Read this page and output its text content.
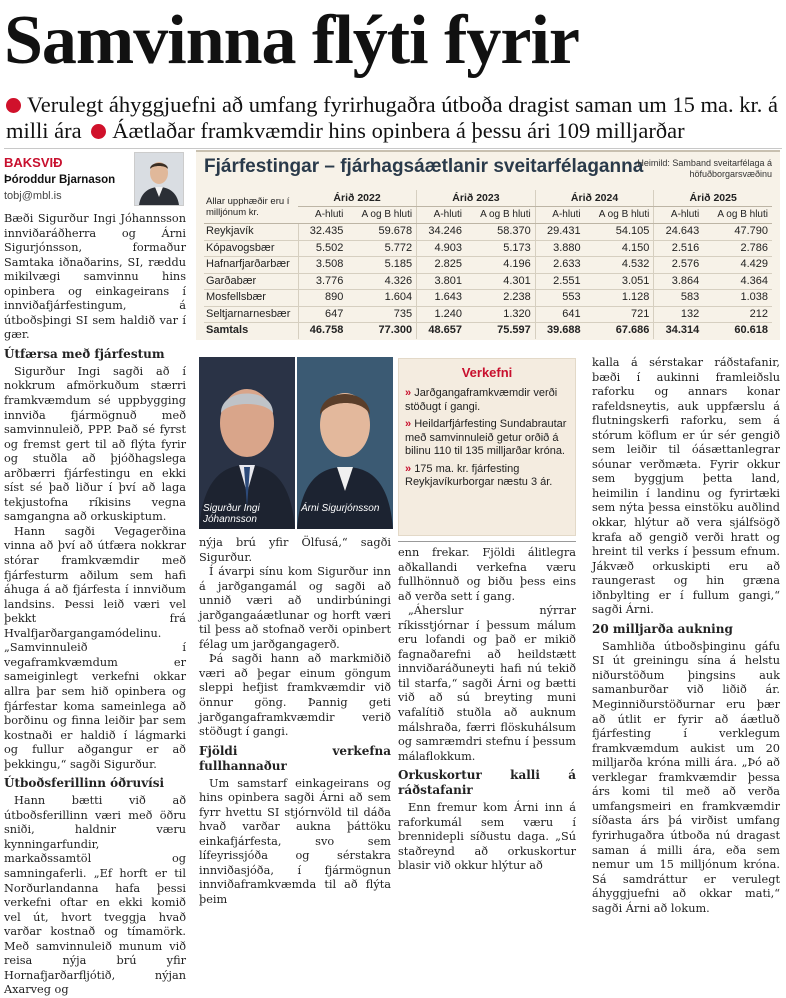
Samvinna flýti fyrir
Verulegt áhyggjuefni að umfang fyrirhugaðra útboða dragist saman um 15 ma. kr. á milli ára Áætlaðar framkvæmdir hins opinbera á þessu ári 109 milljarðar
BAKSVIÐ
Þóroddur Bjarnason
tobj@mbl.is

Bæði Sigurður Ingi Jóhannsson innviðaráðherra og Árni Sigurjónsson, formaður Samtaka iðnaðarins, SI, ræddu mikilvægi samvinnu hins opinbera og einkageirans í innviðafjárfestingum, á útboðsþingi SI sem haldið var í gær.

Útfærsa með fjárfestum

Sigurður Ingi sagði að í nokkrum afmörkuðum stærri framkvæmdum sé uppbygging innviða fjármögnuð með samvinnuleið, PPP. Það sé fyrst og fremst gert til að flýta fyrir og stuðla að þjóðhagslega arðbærri fjárfestingu en ekki síst sé það liður í því að laga tekjustofna ríkisins vegna samgangna að orkuskiptum.

Hann sagði Vegagerðina vinna að því að útfæra nokkrar stórar framkvæmdir með fjárfesturm aðilum sem hafi áhuga á að fjárfesta í innviðum landsins. Þessi leið væri vel þekkt frá Hvalfjarðargangamódelinu. „Samvinnuleið í vegaframkvæmdum er sameiginlegt verkefni okkar allra þar sem hið opinbera og fjárfestar koma sameinlega að borðinu og finna leiðir þar sem kostnaði er haldið í lágmarki og fullur aðgangur er að þekkingu,“ sagði Sigurður.

Útboðsferillinn óðruvísi

Hann bætti við að útboðsferillinn væri með öðru sniði, haldnir væru kynningarfundir, markaðssamtöl og samningaferli. „Ef horft er til Norðurlandanna hafa þessi verkefni oftar en ekki komið vel út, hvort tveggja hvað varðar kostnað og tímamörk. Með samvinnuleið munum við reisa nýja brú yfir Hornafjarðarfljótið, nýjan Axarveg og

Fjárfestingar – fjárhagsáætlanir sveitarfélaganna
Heimild: Samband sveitarfélaga á höfuðborgarsvæðinu
Allar upphæðir eru í milljónum kr.	Árið 2022		Árið 2023		Árið 2024		Árið 2025	
	A-hluti	A og B hluti	A-hluti	A og B hluti	A-hluti	A og B hluti	A-hluti	A og B hluti
Reykjavík	32.435	59.678	34.246	58.370	29.431	54.105	24.643	47.790
Kópavogsbær	5.502	5.772	4.903	5.173	3.880	4.150	2.516	2.786
Hafnarfjarðarbær	3.508	5.185	2.825	4.196	2.633	4.532	2.576	4.429
Garðabær	3.776	4.326	3.801	4.301	2.551	3.051	3.864	4.364
Mosfellsbær	890	1.604	1.643	2.238	553	1.128	583	1.038
Seltjarnarnesbær	647	735	1.240	1.320	641	721	132	212
Samtals	46.758	77.300	48.657	75.597	39.688	67.686	34.314	60.618
Sigurður Ingi Jóhannsson
Árni Sigurjónsson

nýja brú yfir Ölfusá,“ sagði Sigurður.

Í ávarpi sínu kom Sigurður inn á jarðgangamál og sagði að unnið væri að undirbúningi jarðgangaáætlunar og horft væri til þess að stofnað verði opinbert félag um jarðgangagerð.

Þá sagði hann að markmiðið væri að þegar einum göngum sleppi hefjist framkvæmdir við önnur göng. Þannig geti jarðgangaframkvæmdir verið stöðugt í gangi.

Fjöldi verkefna fullhannaður

Um samstarf einkageirans og hins opinbera sagði Árni að sem fyrr hvettu SI stjórnvöld til dáða hvað varðar aukna þáttöku einkafjárfesta, svo sem lífeyrissjóða og sérstakra innviðasjóða, í fjármögnun innviðaframkvæmda til að flýta þeim

Verkefni
» Jarðgangaframkvæmdir verði stöðugt í gangi.
» Heildarfjárfesting Sundabrautar með samvinnuleið getur orðið á bilinu 110 til 135 milljarðar króna.
» 175 ma. kr. fjárfesting Reykjavíkurborgar næstu 3 ár.

enn frekar. Fjöldi álitlegra aðkallandi verkefna væru fullhönnuð og biðu þess eins að verða sett í gang.

„Áherslur nýrrar ríkisstjórnar í þessum málum eru lofandi og það er mikið fagnaðarefni að heildstætt innviðaráðuneyti hafi nú tekið til starfa,“ sagði Árni og bætti við að sú breyting muni vafalítið stuðla að auknum málshraða, færri flöskuhálsum og samræmdri stefnu í þessum málaflokkum.

Orkuskortur kalli á ráðstafanir

Enn fremur kom Árni inn á raforkumál sem væru í brennidepli síðustu daga. „Sú staðreynd að orkuskortur blasir við okkur hlýtur að

kalla á sérstakar ráðstafanir, bæði í aukinni framleiðslu raforku og annars konar rafeldsneytis, auk uppfærslu á flutningskerfi raforku, sem á stórum köflum er úr sér gengið sem leiðir til óásættanlegrar sóunar verðmæta. Fyrir okkur sem byggjum þetta land, heimilin í landinu og fyrirtæki sem nýta þessa einstöku auðlind okkar, hlýtur að vera sjálfsögð krafa að gengið verði hratt og hreint til verks í þessum efnum. Jákvæð orkuskipti eru að raungerast og hin græna iðnbylting er í fullum gangi,“ sagði Árni.

20 milljarða aukning

Samhliða útboðsþinginu gáfu SI út greiningu sína á helstu niðurstöðum þingsins auk samanburðar við liðið ár. Meginniðurstöðurnar eru þær að útlit er fyrir að áætluð fjárfesting í verklegum framkvæmdum aukist um 20 milljarða króna milli ára. „Þó að verklegar framkvæmdir þessa árs komi til með að verða umfangsmeiri en framkvæmdir síðasta árs þá virðist umfang fyrirhugaðra útboða nú dragast saman á milli ára, eða sem nemur um 15 milljónum króna. Sá samdráttur er verulegt áhyggjuefni að okkar mati,“ sagði Árni að lokum.
